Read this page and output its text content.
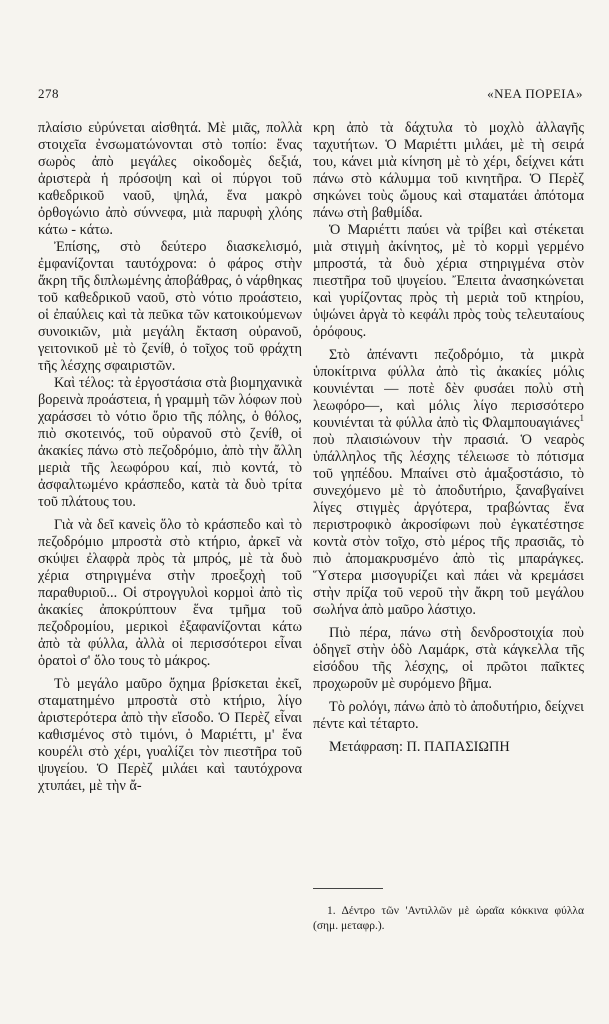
278	«ΝΕΑ ΠΟΡΕΙΑ»

πλαίσιο εὐρύνεται αἰσθητά. Μὲ μιᾶς, πολλὰ στοιχεῖα ἐνσωματώνονται στὸ τοπίο: ἕνας σωρὸς ἀπὸ μεγάλες οἰκοδομὲς δεξιά, ἀριστερὰ ἡ πρόσοψη καὶ οἱ πύργοι τοῦ καθεδρικοῦ ναοῦ, ψηλά, ἕνα μακρὸ ὀρθογώνιο ἀπὸ σύννεφα, μιὰ παρυφὴ χλόης κάτω - κάτω.

Ἐπίσης, στὸ δεύτερο διασκελισμό, ἐμφανίζονται ταυτόχρονα: ὁ φάρος στὴν ἄκρη τῆς διπλωμένης ἀποβάθρας, ὁ νάρθηκας τοῦ καθεδρικοῦ ναοῦ, στὸ νότιο προάστειο, οἱ ἐπαύλεις καὶ τὰ πεῦκα τῶν κατοικούμενων συνοικιῶν, μιὰ μεγάλη ἔκταση οὐρανοῦ, γειτονικοῦ μὲ τὸ ζενίθ, ὁ τοῖχος τοῦ φράχτη τῆς λέσχης σφαιριστῶν.

Καὶ τέλος: τὰ ἐργοστάσια στὰ βιομηχανικὰ βορεινὰ προάστεια, ἡ γραμμὴ τῶν λόφων ποὺ χαράσσει τὸ νότιο ὅριο τῆς πόλης, ὁ θόλος, πιὸ σκοτεινός, τοῦ οὐρανοῦ στὸ ζενίθ, οἱ ἀκακίες πάνω στὸ πεζοδρόμιο, ἀπὸ τὴν ἄλλη μεριὰ τῆς λεωφόρου καί, πιὸ κοντά, τὸ ἀσφαλτωμένο κράσπεδο, κατὰ τὰ δυὸ τρίτα τοῦ πλάτους του.

Γιὰ νὰ δεῖ κανεὶς ὅλο τὸ κράσπεδο καὶ τὸ πεζοδρόμιο μπροστὰ στὸ κτήριο, ἀρκεῖ νὰ σκύψει ἐλαφρὰ πρὸς τὰ μπρός, μὲ τὰ δυὸ χέρια στηριγμένα στὴν προεξοχὴ τοῦ παραθυριοῦ... Οἱ στρογγυλοὶ κορμοὶ ἀπὸ τὶς ἀκακίες ἀποκρύπτουν ἕνα τμῆμα τοῦ πεζοδρομίου, μερικοὶ ἐξαφανίζονται κάτω ἀπὸ τὰ φύλλα, ἀλλὰ οἱ περισσότεροι εἶναι ὁρατοὶ σ' ὅλο τους τὸ μάκρος.

Τὸ μεγάλο μαῦρο ὄχημα βρίσκεται ἐκεῖ, σταματημένο μπροστὰ στὸ κτήριο, λίγο ἀριστερότερα ἀπὸ τὴν εἴσοδο. Ὁ Περὲζ εἶναι καθισμένος στὸ τιμόνι, ὁ Μαριέττι, μ' ἕνα κουρέλι στὸ χέρι, γυαλίζει τὸν πιεστῆρα τοῦ ψυγείου. Ὁ Περὲζ μιλάει καὶ ταυτόχρονα χτυπάει, μὲ τὴν ἄ-

κρη ἀπὸ τὰ δάχτυλα τὸ μοχλὸ ἀλλαγῆς ταχυτήτων. Ὁ Μαριέττι μιλάει, μὲ τὴ σειρά του, κάνει μιὰ κίνηση μὲ τὸ χέρι, δείχνει κάτι πάνω στὸ κάλυμμα τοῦ κινητῆρα. Ὁ Περὲζ σηκώνει τοὺς ὤμους καὶ σταματάει ἀπότομα πάνω στὴ βαθμίδα.

Ὁ Μαριέττι παύει νὰ τρίβει καὶ στέκεται μιὰ στιγμὴ ἀκίνητος, μὲ τὸ κορμὶ γερμένο μπροστά, τὰ δυὸ χέρια στηριγμένα στὸν πιεστῆρα τοῦ ψυγείου. Ἔπειτα ἀνασηκώνεται καὶ γυρίζοντας πρὸς τὴ μεριὰ τοῦ κτηρίου, ὑψώνει ἀργὰ τὸ κεφάλι πρὸς τοὺς τελευταίους ὀρόφους.

Στὸ ἀπέναντι πεζοδρόμιο, τὰ μικρὰ ὑποκίτρινα φύλλα ἀπὸ τὶς ἀκακίες μόλις κουνιένται — ποτὲ δὲν φυσάει πολὺ στὴ λεωφόρο—, καὶ μόλις λίγο περισσότερο κουνιένται τὰ φύλλα ἀπὸ τὶς Φλαμπουαγιάνες$^1$ ποὺ πλαισιώνουν τὴν πρασιά. Ὁ νεαρὸς ὑπάλληλος τῆς λέσχης τέλειωσε τὸ πότισμα τοῦ γηπέδου. Μπαίνει στὸ ἁμαξοστάσιο, τὸ συνεχόμενο μὲ τὸ ἀποδυτήριο, ξαναβγαίνει λίγες στιγμὲς ἀργότερα, τραβώντας ἕνα περιστροφικὸ ἀκροσίφωνι ποὺ ἐγκατέστησε κοντὰ στὸν τοῖχο, στὸ μέρος τῆς πρασιᾶς, τὸ πιὸ ἀπομακρυσμένο ἀπὸ τὶς μπαράγκες. Ὕστερα μισογυρίζει καὶ πάει νὰ κρεμάσει στὴν πρίζα τοῦ νεροῦ τὴν ἄκρη τοῦ μεγάλου σωλήνα ἀπὸ μαῦρο λάστιχο.

Πιὸ πέρα, πάνω στὴ δενδροστοιχία ποὺ ὁδηγεῖ στὴν ὁδὸ Λαμάρκ, στὰ κάγκελλα τῆς εἰσόδου τῆς λέσχης, οἱ πρῶτοι παῖκτες προχωροῦν μὲ συρόμενο βῆμα.

Τὸ ρολόγι, πάνω ἀπὸ τὸ ἀποδυτήριο, δείχνει πέντε καὶ τέταρτο.

Μετάφραση: Π. ΠΑΠΑΣΙΩΠΗ

1. Δέντρο τῶν 'Αντιλλῶν μὲ ὡραῖα κόκκινα φύλλα (σημ. μεταφρ.).
